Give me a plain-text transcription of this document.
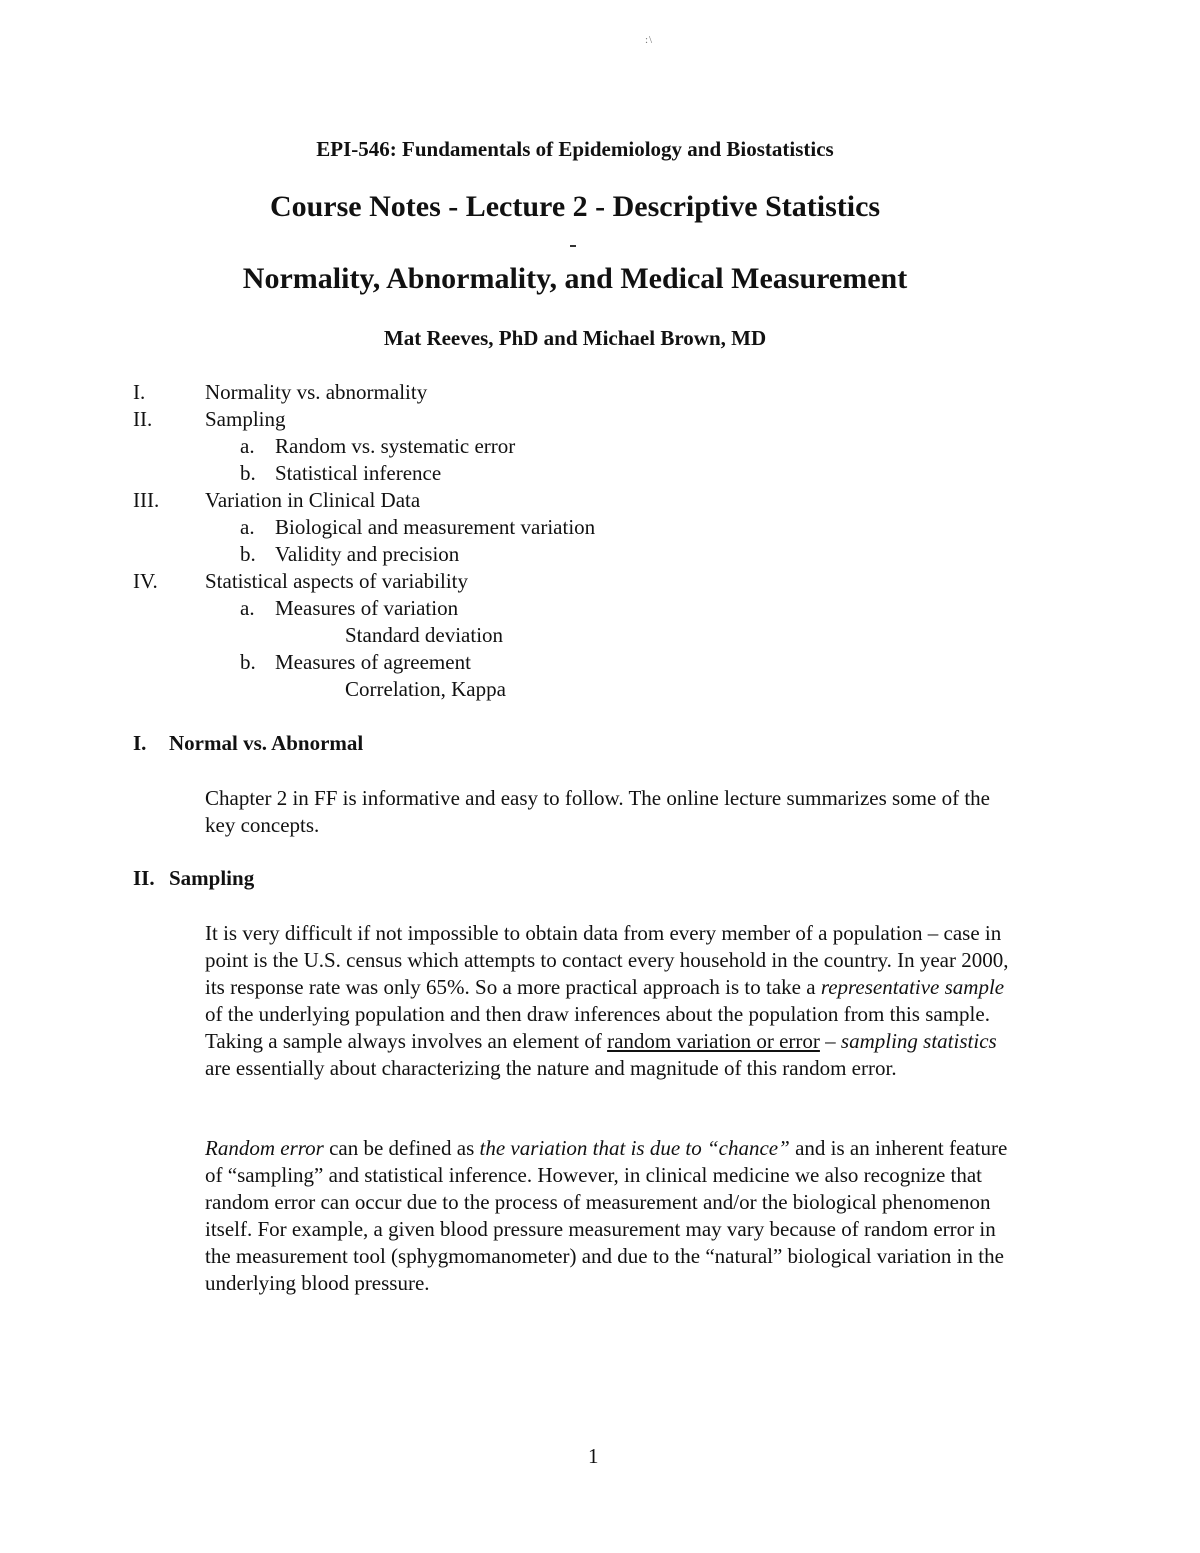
:\
EPI-546: Fundamentals of Epidemiology and Biostatistics
Course Notes - Lecture 2 - Descriptive Statistics
Normality, Abnormality, and Medical Measurement
Mat Reeves, PhD and Michael Brown, MD
I.	Normality vs. abnormality
II.	Sampling
a. Random vs. systematic error
b. Statistical inference
III. Variation in Clinical Data
a. Biological and measurement variation
b. Validity and precision
IV. Statistical aspects of variability
a. Measures of variation
Standard deviation
b. Measures of agreement
Correlation, Kappa
I. Normal vs. Abnormal

Chapter 2 in FF is informative and easy to follow. The online lecture summarizes some of the key concepts.

II. Sampling

It is very difficult if not impossible to obtain data from every member of a population – case in point is the U.S. census which attempts to contact every household in the country. In year 2000, its response rate was only 65%. So a more practical approach is to take a representative sample of the underlying population and then draw inferences about the population from this sample. Taking a sample always involves an element of random variation or error – sampling statistics are essentially about characterizing the nature and magnitude of this random error.

Random error can be defined as the variation that is due to “chance” and is an inherent feature of “sampling” and statistical inference. However, in clinical medicine we also recognize that random error can occur due to the process of measurement and/or the biological phenomenon itself. For example, a given blood pressure measurement may vary because of random error in the measurement tool (sphygmomanometer) and due to the “natural” biological variation in the underlying blood pressure.

1
